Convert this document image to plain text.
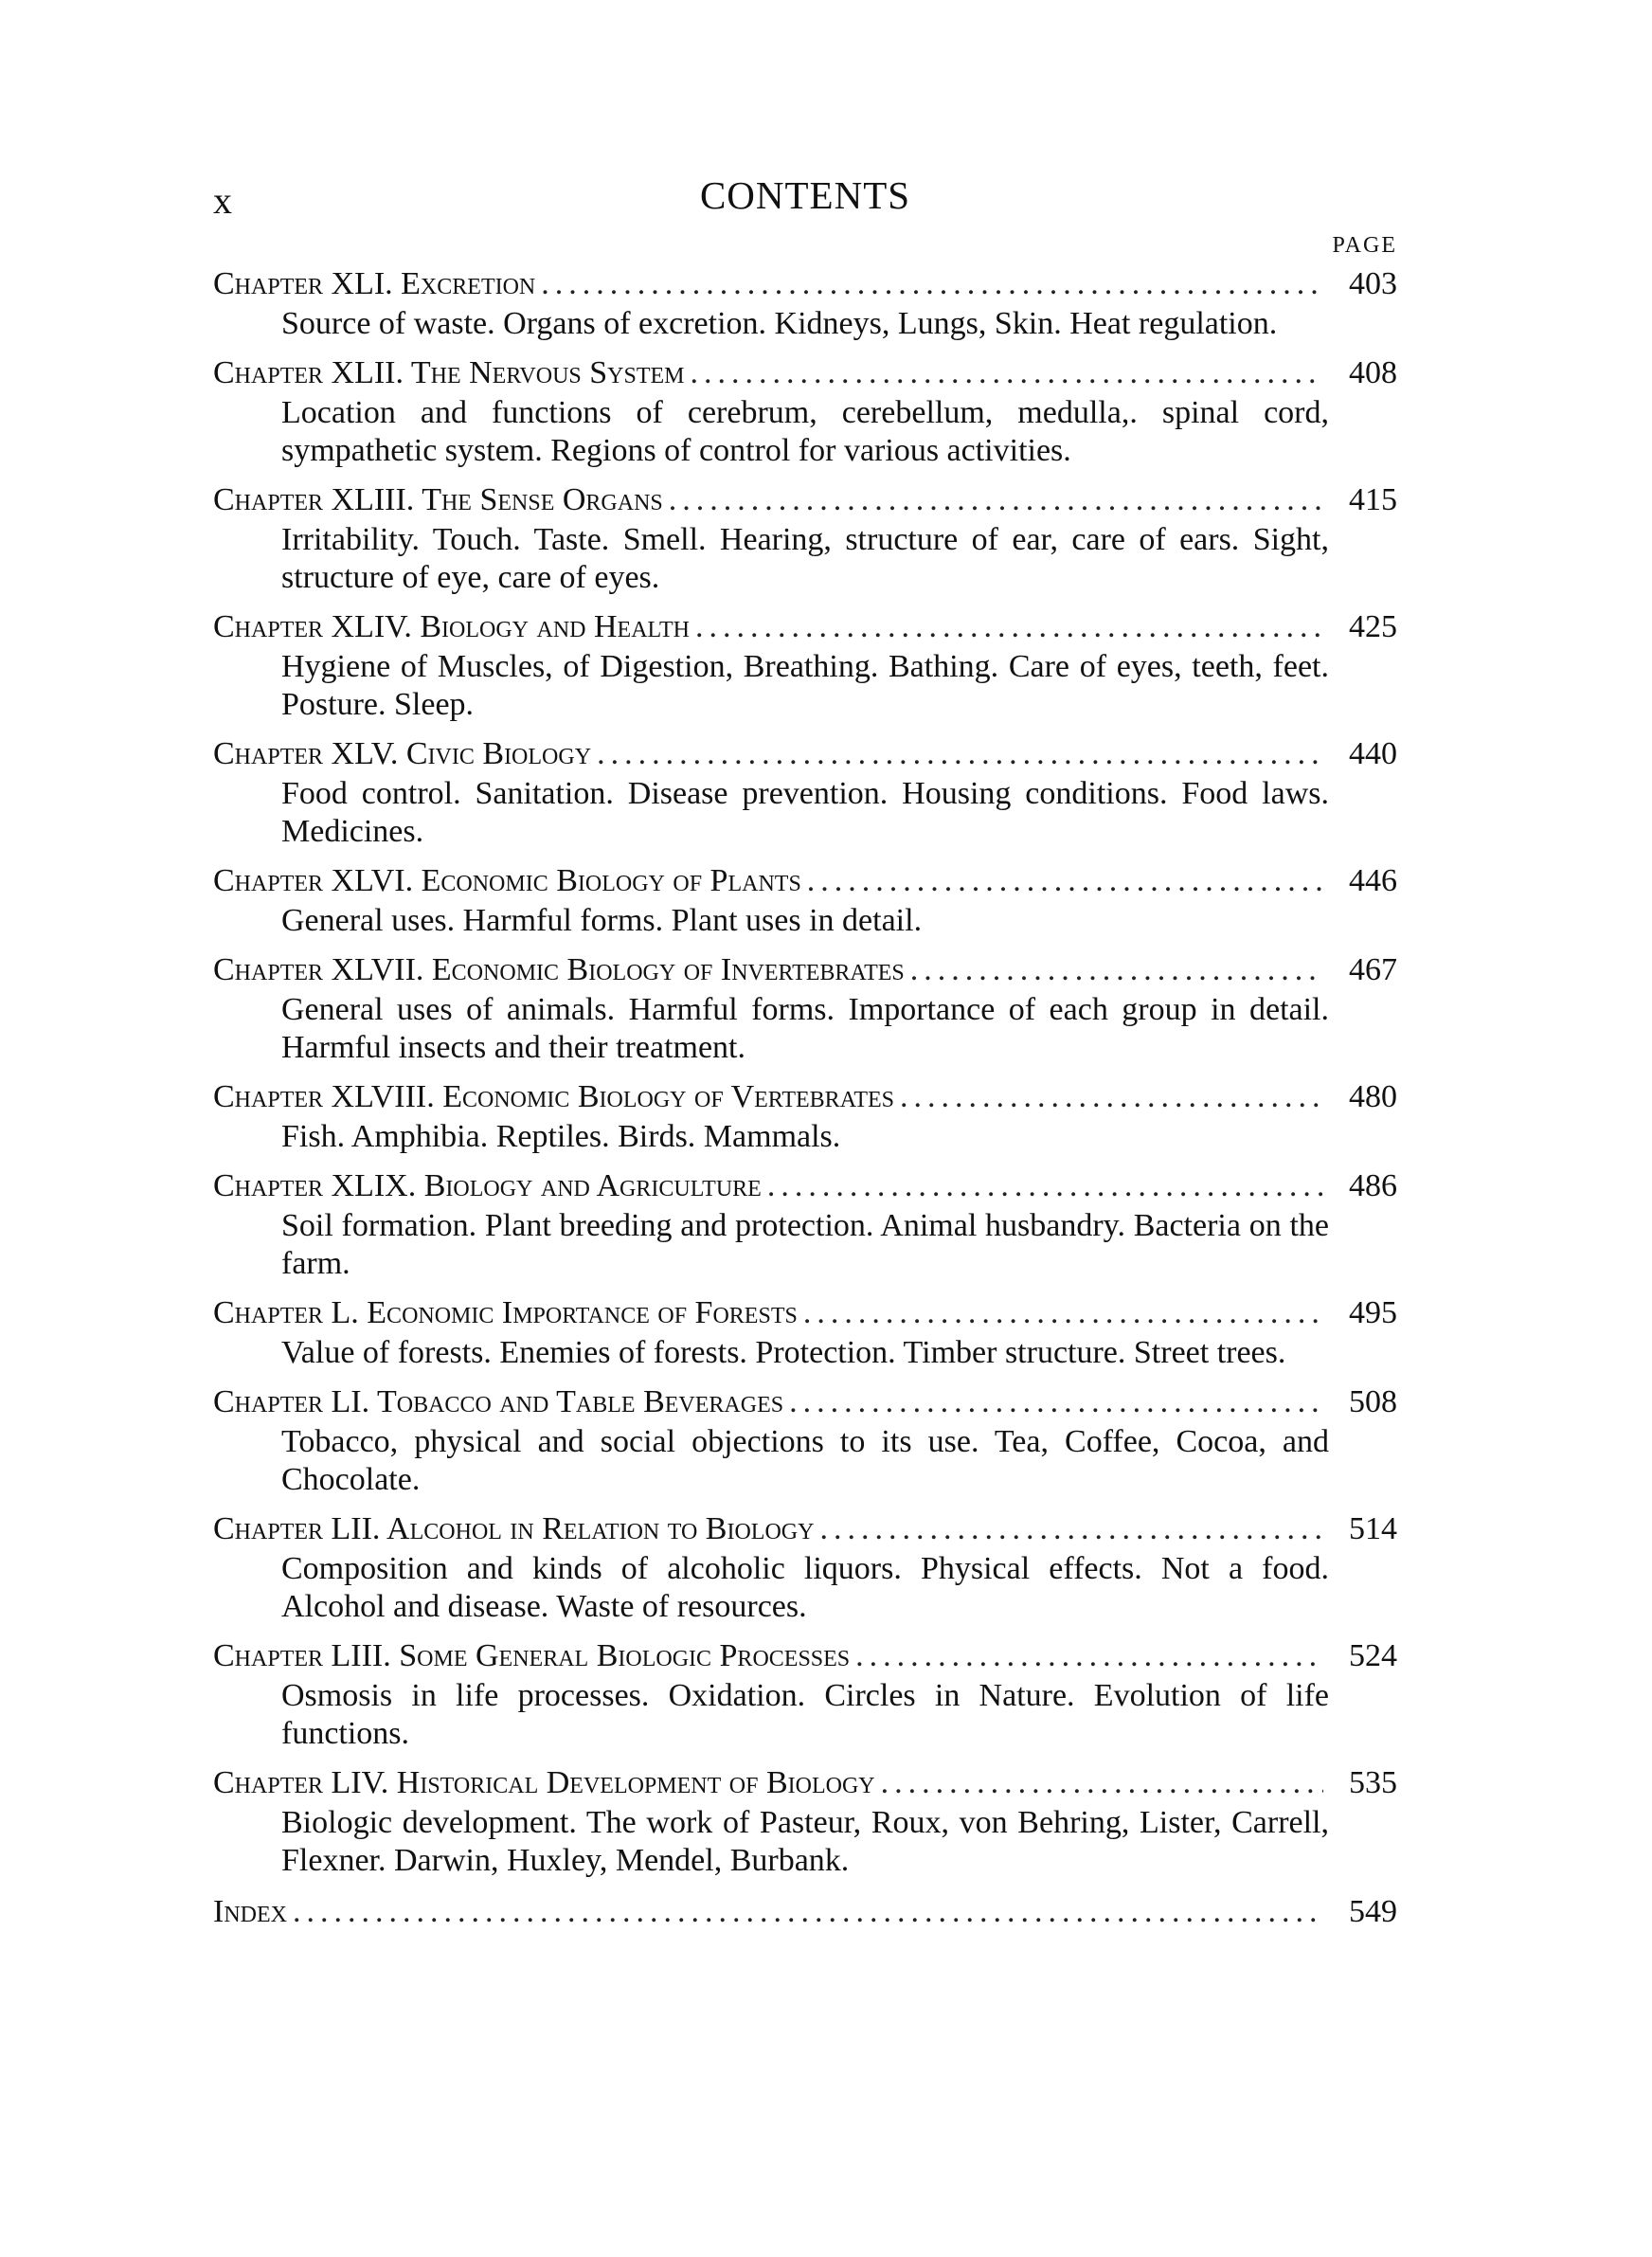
x	CONTENTS
PAGE
Chapter XLI. Excretion .....	403
Source of waste. Organs of excretion. Kidneys, Lungs, Skin. Heat regulation.
Chapter XLII. The Nervous System .....	408
Location and functions of cerebrum, cerebellum, medulla,. spinal cord, sympathetic system. Regions of control for various activities.
Chapter XLIII. The Sense Organs .....	415
Irritability. Touch. Taste. Smell. Hearing, structure of ear, care of ears. Sight, structure of eye, care of eyes.
Chapter XLIV. Biology and Health .....	425
Hygiene of Muscles, of Digestion, Breathing. Bathing. Care of eyes, teeth, feet. Posture. Sleep.
Chapter XLV. Civic Biology .....	440
Food control. Sanitation. Disease prevention. Housing conditions. Food laws. Medicines.
Chapter XLVI. Economic Biology of Plants .....	446
General uses. Harmful forms. Plant uses in detail.
Chapter XLVII. Economic Biology of Invertebrates .....	467
General uses of animals. Harmful forms. Importance of each group in detail. Harmful insects and their treatment.
Chapter XLVIII. Economic Biology of Vertebrates .....	480
Fish. Amphibia. Reptiles. Birds. Mammals.
Chapter XLIX. Biology and Agriculture .....	486
Soil formation. Plant breeding and protection. Animal husbandry. Bacteria on the farm.
Chapter L. Economic Importance of Forests .....	495
Value of forests. Enemies of forests. Protection. Timber structure. Street trees.
Chapter LI. Tobacco and Table Beverages .....	508
Tobacco, physical and social objections to its use. Tea, Coffee, Cocoa, and Chocolate.
Chapter LII. Alcohol in Relation to Biology .....	514
Composition and kinds of alcoholic liquors. Physical effects. Not a food. Alcohol and disease. Waste of resources.
Chapter LIII. Some General Biologic Processes .....	524
Osmosis in life processes. Oxidation. Circles in Nature. Evolution of life functions.
Chapter LIV. Historical Development of Biology .....	535
Biologic development. The work of Pasteur, Roux, von Behring, Lister, Carrell, Flexner. Darwin, Huxley, Mendel, Burbank.
Index .....	549
